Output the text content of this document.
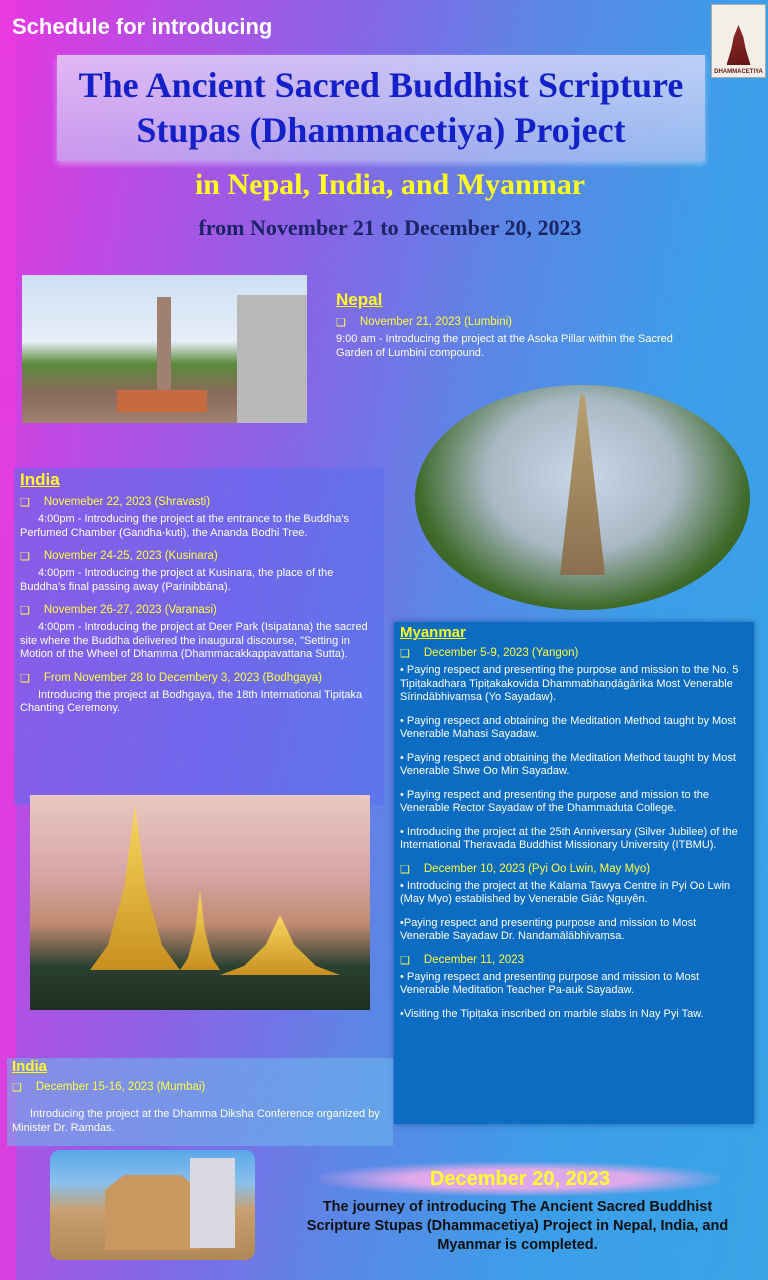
Schedule for introducing
DHAMMACETIYA
The Ancient Sacred Buddhist Scripture
Stupas (Dhammacetiya) Project
in Nepal, India, and Myanmar
from November 21 to December 20, 2023
Nepal
❑ November 21, 2023 (Lumbini)
9:00 am - Introducing the project at the Asoka Pillar within the Sacred Garden of Lumbini compound.
India
❑ Novemeber 22, 2023 (Shravasti)
4:00pm - Introducing the project at the entrance to the Buddha’s Perfumed Chamber (Gandha-kuti), the Ananda Bodhi Tree.
❑ November 24-25, 2023 (Kusinara)
4:00pm - Introducing the project at Kusinara, the place of the Buddha’s final passing away (Parinibbāna).
❑ November 26-27, 2023 (Varanasi)
4:00pm - Introducing the project at Deer Park (Isipatana) the sacred site where the Buddha delivered the inaugural discourse, "Setting in Motion of the Wheel of Dhamma (Dhammacakkappavattana Sutta).
❑ From November 28 to Decembery 3, 2023 (Bodhgaya)
Introducing the project at Bodhgaya, the 18th International Tipiṭaka Chanting Ceremony.
Myanmar
❑ December 5-9, 2023 (Yangon)
• Paying respect and presenting the purpose and mission to the No. 5 Tipiṭakadhara Tipiṭakakovida Dhammabhaṇḍāgārika Most Venerable Sīrindābhivaṃsa (Yo Sayadaw).
• Paying respect and obtaining the Meditation Method taught by Most Venerable Mahasi Sayadaw.
• Paying respect and obtaining the Meditation Method taught by Most Venerable Shwe Oo Min Sayadaw.
• Paying respect and presenting the purpose and mission to the Venerable Rector Sayadaw of the Dhammaduta College.
• Introducing the project at the 25th Anniversary (Silver Jubilee) of the International Theravada Buddhist Missionary University (ITBMU).
❑ December 10, 2023 (Pyi Oo Lwin, May Myo)
• Introducing the project at the Kalama Tawya Centre in Pyi Oo Lwin (May Myo) established by Venerable Giác Nguyên.
•Paying respect and presenting purpose and mission to Most Venerable Sayadaw Dr. Nandamālābhivaṃsa.
❑ December 11, 2023
• Paying respect and presenting purpose and mission to Most Venerable Meditation Teacher Pa-auk Sayadaw.
•Visiting the Tipiṭaka inscribed on marble slabs in Nay Pyi Taw.
India
❑ December 15-16, 2023 (Mumbai)
Introducing the project at the Dhamma Diksha Conference organized by Minister Dr. Ramdas.
December 20, 2023
The journey of introducing The Ancient Sacred Buddhist Scripture Stupas (Dhammacetiya) Project in Nepal, India, and Myanmar is completed.
